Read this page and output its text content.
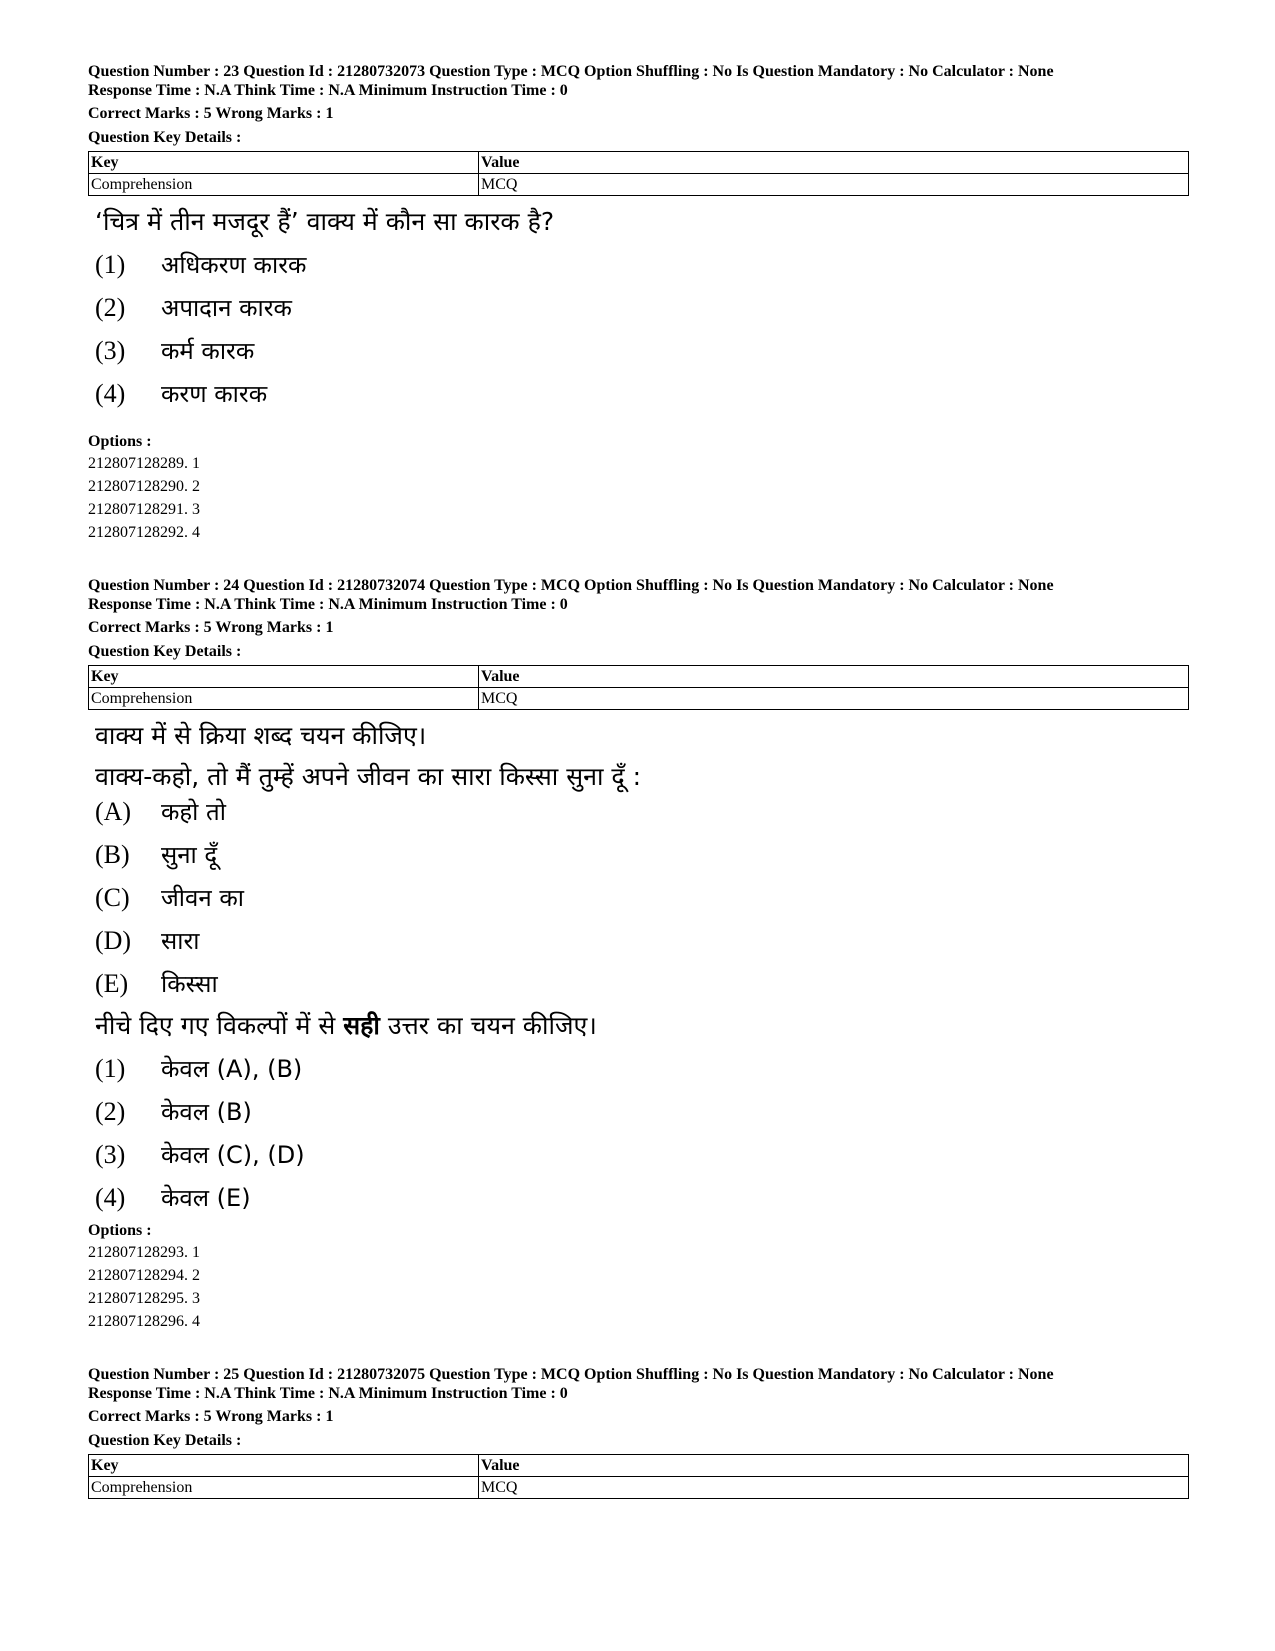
Question Number : 23 Question Id : 21280732073 Question Type : MCQ Option Shuffling : No Is Question Mandatory : No Calculator : None
Response Time : N.A Think Time : N.A Minimum Instruction Time : 0
Correct Marks : 5 Wrong Marks : 1
Question Key Details :
Key	Value
Comprehension	MCQ
‘चित्र में तीन मजदूर हैं’ वाक्य में कौन सा कारक है?
(1) अधिकरण कारक
(2) अपादान कारक
(3) कर्म कारक
(4) करण कारक
Options :
212807128289. 1
212807128290. 2
212807128291. 3
212807128292. 4
Question Number : 24 Question Id : 21280732074 Question Type : MCQ Option Shuffling : No Is Question Mandatory : No Calculator : None
Response Time : N.A Think Time : N.A Minimum Instruction Time : 0
Correct Marks : 5 Wrong Marks : 1
Question Key Details :
Key	Value
Comprehension	MCQ
वाक्य में से क्रिया शब्द चयन कीजिए।
वाक्य-कहो, तो मैं तुम्हें अपने जीवन का सारा किस्सा सुना दूँ :
(A) कहो तो
(B) सुना दूँ
(C) जीवन का
(D) सारा
(E) किस्सा
नीचे दिए गए विकल्पों में से सही उत्तर का चयन कीजिए।
(1) केवल (A), (B)
(2) केवल (B)
(3) केवल (C), (D)
(4) केवल (E)
Options :
212807128293. 1
212807128294. 2
212807128295. 3
212807128296. 4
Question Number : 25 Question Id : 21280732075 Question Type : MCQ Option Shuffling : No Is Question Mandatory : No Calculator : None
Response Time : N.A Think Time : N.A Minimum Instruction Time : 0
Correct Marks : 5 Wrong Marks : 1
Question Key Details :
Key	Value
Comprehension	MCQ
